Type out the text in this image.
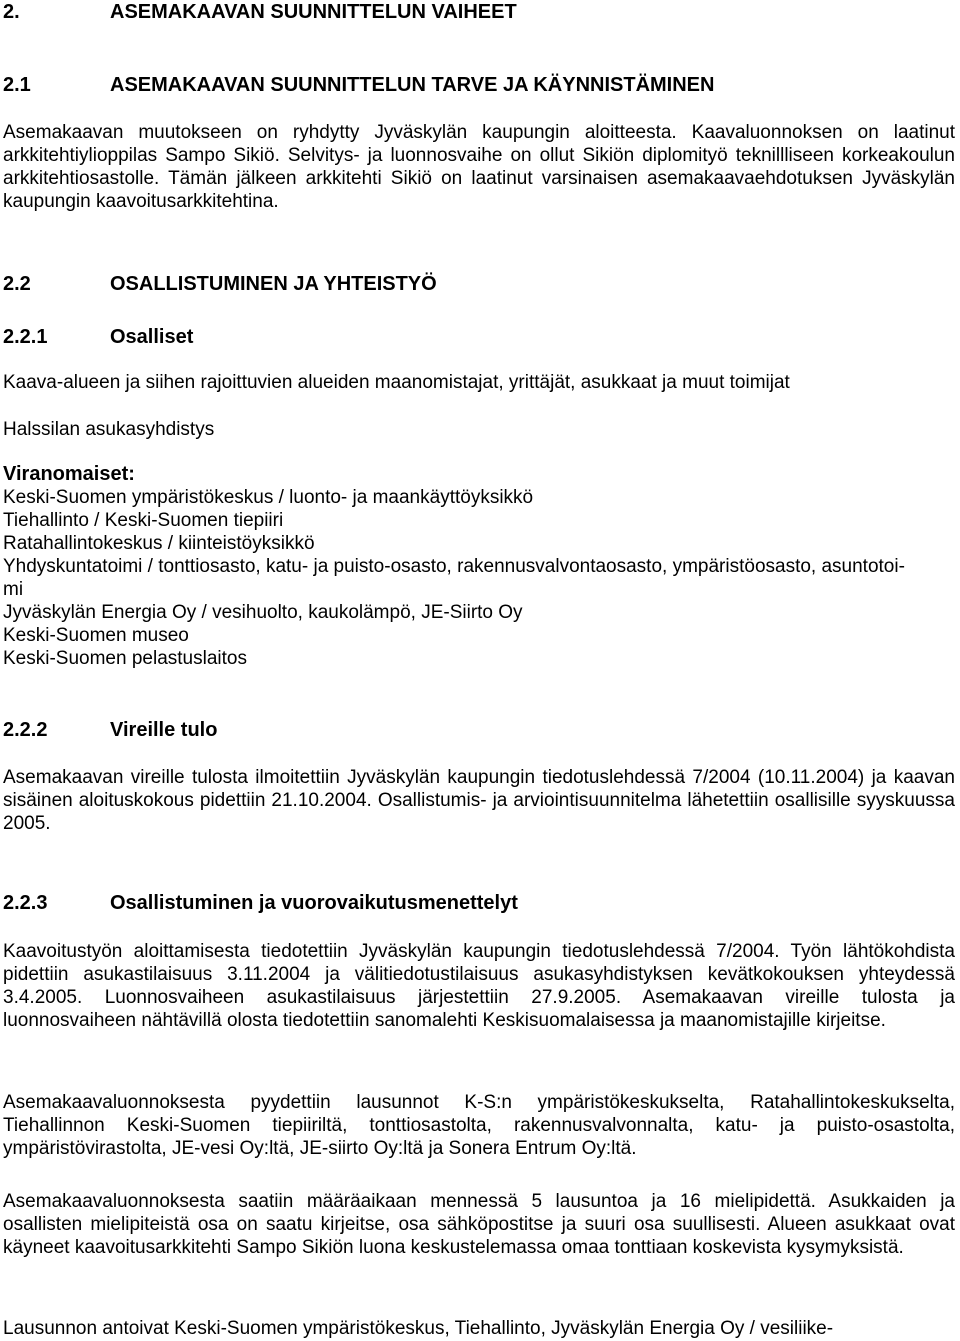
2.	ASEMAKAAVAN SUUNNITTELUN VAIHEET
2.1	ASEMAKAAVAN SUUNNITTELUN TARVE JA KÄYNNISTÄMINEN

Asemakaavan muutokseen on ryhdytty Jyväskylän kaupungin aloitteesta. Kaavaluonnoksen on laatinut arkkitehtiylioppilas Sampo Sikiö. Selvitys- ja luonnosvaihe on ollut Sikiön diplomityö teknillliseen korkeakoulun arkkitehtiosastolle. Tämän jälkeen arkkitehti Sikiö on laatinut varsinaisen asemakaavaehdotuksen Jyväskylän kaupungin kaavoitusarkkitehtina.

2.2	OSALLISTUMINEN JA YHTEISTYÖ
2.2.1	Osalliset

Kaava-alueen ja siihen rajoittuvien alueiden maanomistajat, yrittäjät, asukkaat ja muut toimijat

Halssilan asukasyhdistys

Viranomaiset:
Keski-Suomen ympäristökeskus / luonto- ja maankäyttöyksikkö
Tiehallinto / Keski-Suomen tiepiiri
Ratahallintokeskus / kiinteistöyksikkö
Yhdyskuntatoimi / tonttiosasto, katu- ja puisto-osasto, rakennusvalvontaosasto, ympäristöosasto, asuntotoi-
mi
Jyväskylän Energia Oy / vesihuolto, kaukolämpö, JE-Siirto Oy
Keski-Suomen museo
Keski-Suomen pelastuslaitos
2.2.2	Vireille tulo

Asemakaavan vireille tulosta ilmoitettiin Jyväskylän kaupungin tiedotuslehdessä 7/2004 (10.11.2004) ja kaavan sisäinen aloituskokous pidettiin 21.10.2004. Osallistumis- ja arviointisuunnitelma lähetettiin osallisille syyskuussa 2005.

2.2.3	Osallistuminen ja vuorovaikutusmenettelyt

Kaavoitustyön aloittamisesta tiedotettiin Jyväskylän kaupungin tiedotuslehdessä 7/2004. Työn lähtökohdista pidettiin asukastilaisuus 3.11.2004 ja välitiedotustilaisuus asukasyhdistyksen kevätkokouksen yhteydessä 3.4.2005. Luonnosvaiheen asukastilaisuus järjestettiin 27.9.2005. Asemakaavan vireille tulosta ja luonnosvaiheen nähtävillä olosta tiedotettiin sanomalehti Keskisuomalaisessa ja maanomistajille kirjeitse.

Asemakaavaluonnoksesta pyydettiin lausunnot K-S:n ympäristökeskukselta, Ratahallintokeskukselta, Tiehallinnon Keski-Suomen tiepiiriltä, tonttiosastolta, rakennusvalvonnalta, katu- ja puisto-osastolta, ympäristövirastolta, JE-vesi Oy:ltä, JE-siirto Oy:ltä ja Sonera Entrum Oy:ltä.

Asemakaavaluonnoksesta saatiin määräaikaan mennessä 5 lausuntoa ja 16 mielipidettä. Asukkaiden ja osallisten mielipiteistä osa on saatu kirjeitse, osa sähköpostitse ja suuri osa suullisesti. Alueen asukkaat ovat käyneet kaavoitusarkkitehti Sampo Sikiön luona keskustelemassa omaa tonttiaan koskevista kysymyksistä.

Lausunnon antoivat Keski-Suomen ympäristökeskus, Tiehallinto, Jyväskylän Energia Oy / vesiliike-
